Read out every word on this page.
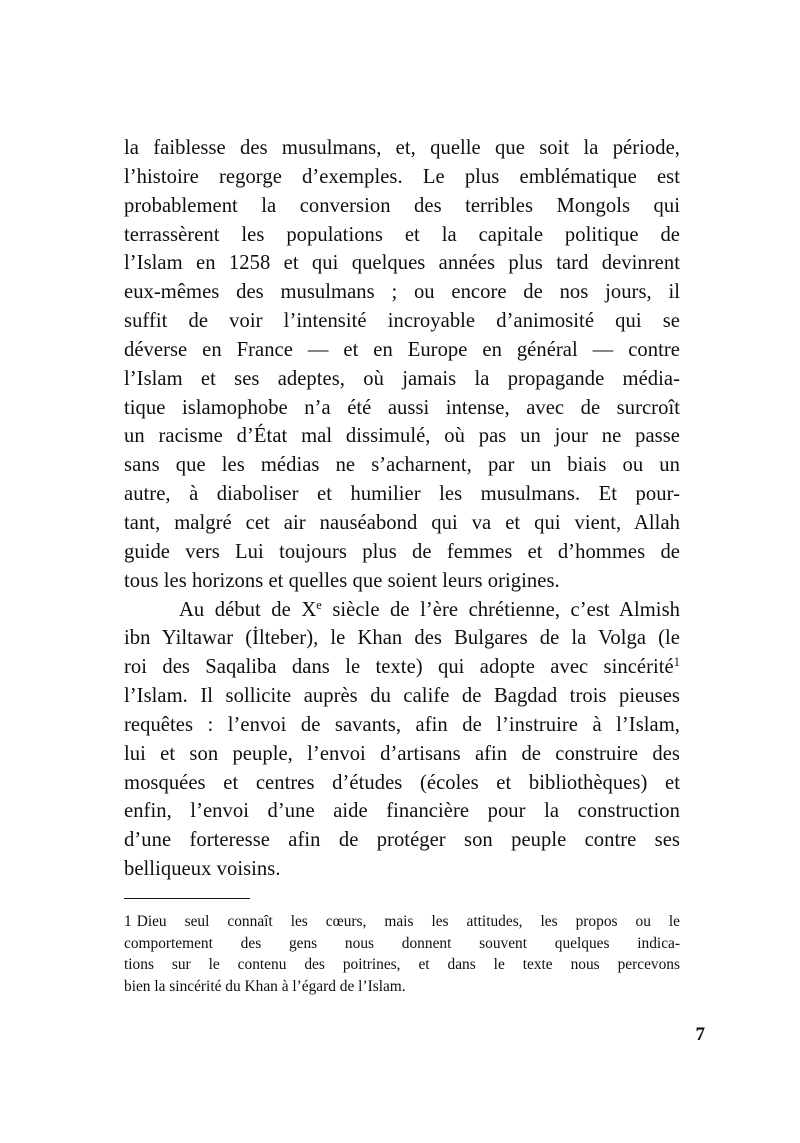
la faiblesse des musulmans, et, quelle que soit la période,
l’histoire regorge d’exemples. Le plus emblématique est
probablement la conversion des terribles Mongols qui
terrassèrent les populations et la capitale politique de
l’Islam en 1258 et qui quelques années plus tard devinrent
eux-mêmes des musulmans ; ou encore de nos jours, il
suffit de voir l’intensité incroyable d’animosité qui se
déverse en France — et en Europe en général — contre
l’Islam et ses adeptes, où jamais la propagande média-
tique islamophobe n’a été aussi intense, avec de surcroît
un racisme d’État mal dissimulé, où pas un jour ne passe
sans que les médias ne s’acharnent, par un biais ou un
autre, à diaboliser et humilier les musulmans. Et pour-
tant, malgré cet air nauséabond qui va et qui vient, Allah
guide vers Lui toujours plus de femmes et d’hommes de
tous les horizons et quelles que soient leurs origines.

Au début de Xe siècle de l’ère chrétienne, c’est Almish
ibn Yiltawar (İlteber), le Khan des Bulgares de la Volga (le
roi des Saqaliba dans le texte) qui adopte avec sincérité$^1$
l’Islam. Il sollicite auprès du calife de Bagdad trois pieuses
requêtes : l’envoi de savants, afin de l’instruire à l’Islam,
lui et son peuple, l’envoi d’artisans afin de construire des
mosquées et centres d’études (écoles et bibliothèques) et
enfin, l’envoi d’une aide financière pour la construction
d’une forteresse afin de protéger son peuple contre ses
belliqueux voisins.

1 Dieu seul connaît les cœurs, mais les attitudes, les propos ou le
comportement des gens nous donnent souvent quelques indica-
tions sur le contenu des poitrines, et dans le texte nous percevons
bien la sincérité du Khan à l’égard de l’Islam.

7
